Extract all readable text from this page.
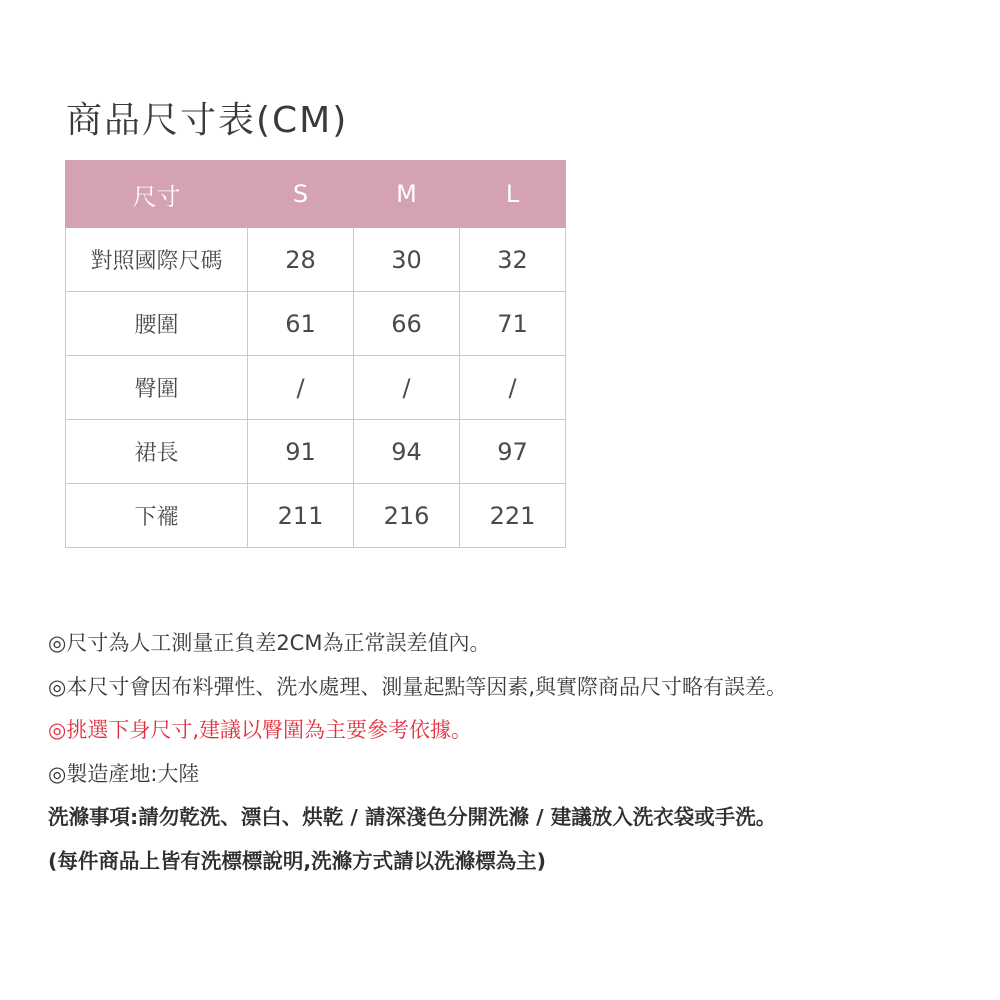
商品尺寸表(CM)
尺寸	S	M	L
對照國際尺碼	28	30	32
腰圍	61	66	71
臀圍	/	/	/
裙長	91	94	97
下襬	211	216	221
◎尺寸為人工測量正負差2CM為正常誤差值內。
◎本尺寸會因布料彈性、洗水處理、測量起點等因素,與實際商品尺寸略有誤差。
◎挑選下身尺寸,建議以臀圍為主要參考依據。
◎製造產地:大陸
洗滌事項:請勿乾洗、漂白、烘乾 / 請深淺色分開洗滌 / 建議放入洗衣袋或手洗。
(每件商品上皆有洗標標說明,洗滌方式請以洗滌標為主)
